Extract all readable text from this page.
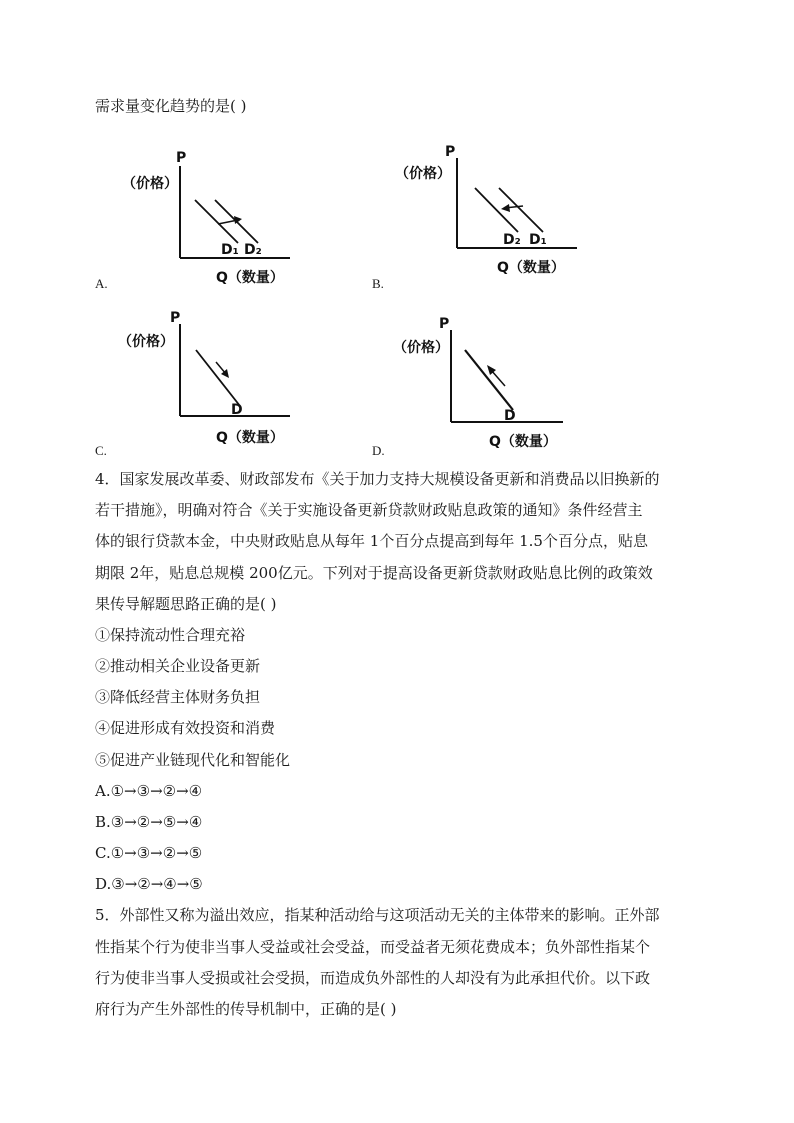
需求量变化趋势的是( )
P
（价格）
D₁ D₂
Q（数量）
A.
P
（价格）
D₂ D₁
Q（数量）
B.
P
（价格）
D
Q（数量）
C.
P
（价格）
D
Q（数量）
D.
4．国家发展改革委、财政部发布《关于加力支持大规模设备更新和消费品以旧换新的
若干措施》，明确对符合《关于实施设备更新贷款财政贴息政策的通知》条件经营主
体的银行贷款本金，中央财政贴息从每年 1个百分点提高到每年 1.5个百分点，贴息
期限 2年，贴息总规模 200亿元。下列对于提高设备更新贷款财政贴息比例的政策效
果传导解题思路正确的是( )
①保持流动性合理充裕
②推动相关企业设备更新
③降低经营主体财务负担
④促进形成有效投资和消费
⑤促进产业链现代化和智能化
A.①→③→②→④
B.③→②→⑤→④
C.①→③→②→⑤
D.③→②→④→⑤
5．外部性又称为溢出效应，指某种活动给与这项活动无关的主体带来的影响。正外部
性指某个行为使非当事人受益或社会受益，而受益者无须花费成本；负外部性指某个
行为使非当事人受损或社会受损，而造成负外部性的人却没有为此承担代价。以下政
府行为产生外部性的传导机制中，正确的是( )
